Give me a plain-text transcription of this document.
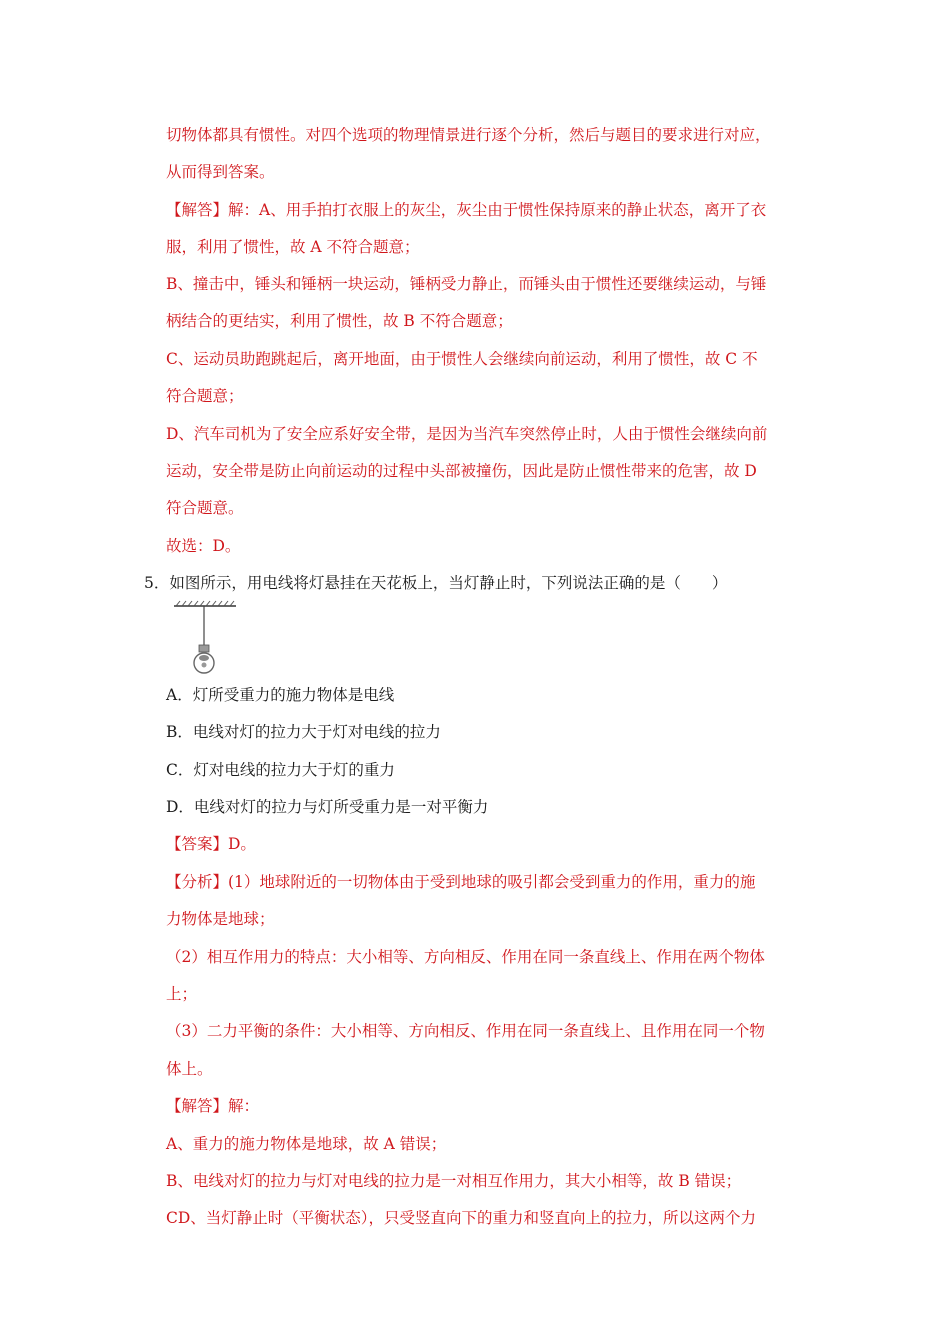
切物体都具有惯性。对四个选项的物理情景进行逐个分析，然后与题目的要求进行对应，
从而得到答案。
【解答】解：A、用手拍打衣服上的灰尘，灰尘由于惯性保持原来的静止状态，离开了衣
服，利用了惯性，故 A 不符合题意；
B、撞击中，锤头和锤柄一块运动，锤柄受力静止，而锤头由于惯性还要继续运动，与锤
柄结合的更结实，利用了惯性，故 B 不符合题意；
C、运动员助跑跳起后，离开地面，由于惯性人会继续向前运动，利用了惯性，故 C 不
符合题意；
D、汽车司机为了安全应系好安全带，是因为当汽车突然停止时，人由于惯性会继续向前
运动，安全带是防止向前运动的过程中头部被撞伤，因此是防止惯性带来的危害，故 D
符合题意。
故选：D。
5．如图所示，用电线将灯悬挂在天花板上，当灯静止时，下列说法正确的是（　　）
A．灯所受重力的施力物体是电线
B．电线对灯的拉力大于灯对电线的拉力
C．灯对电线的拉力大于灯的重力
D．电线对灯的拉力与灯所受重力是一对平衡力
【答案】D。
【分析】(1）地球附近的一切物体由于受到地球的吸引都会受到重力的作用，重力的施
力物体是地球；
（2）相互作用力的特点：大小相等、方向相反、作用在同一条直线上、作用在两个物体
上；
（3）二力平衡的条件：大小相等、方向相反、作用在同一条直线上、且作用在同一个物
体上。
【解答】解：
A、重力的施力物体是地球，故 A 错误；
B、电线对灯的拉力与灯对电线的拉力是一对相互作用力，其大小相等，故 B 错误；
CD、当灯静止时（平衡状态），只受竖直向下的重力和竖直向上的拉力，所以这两个力
